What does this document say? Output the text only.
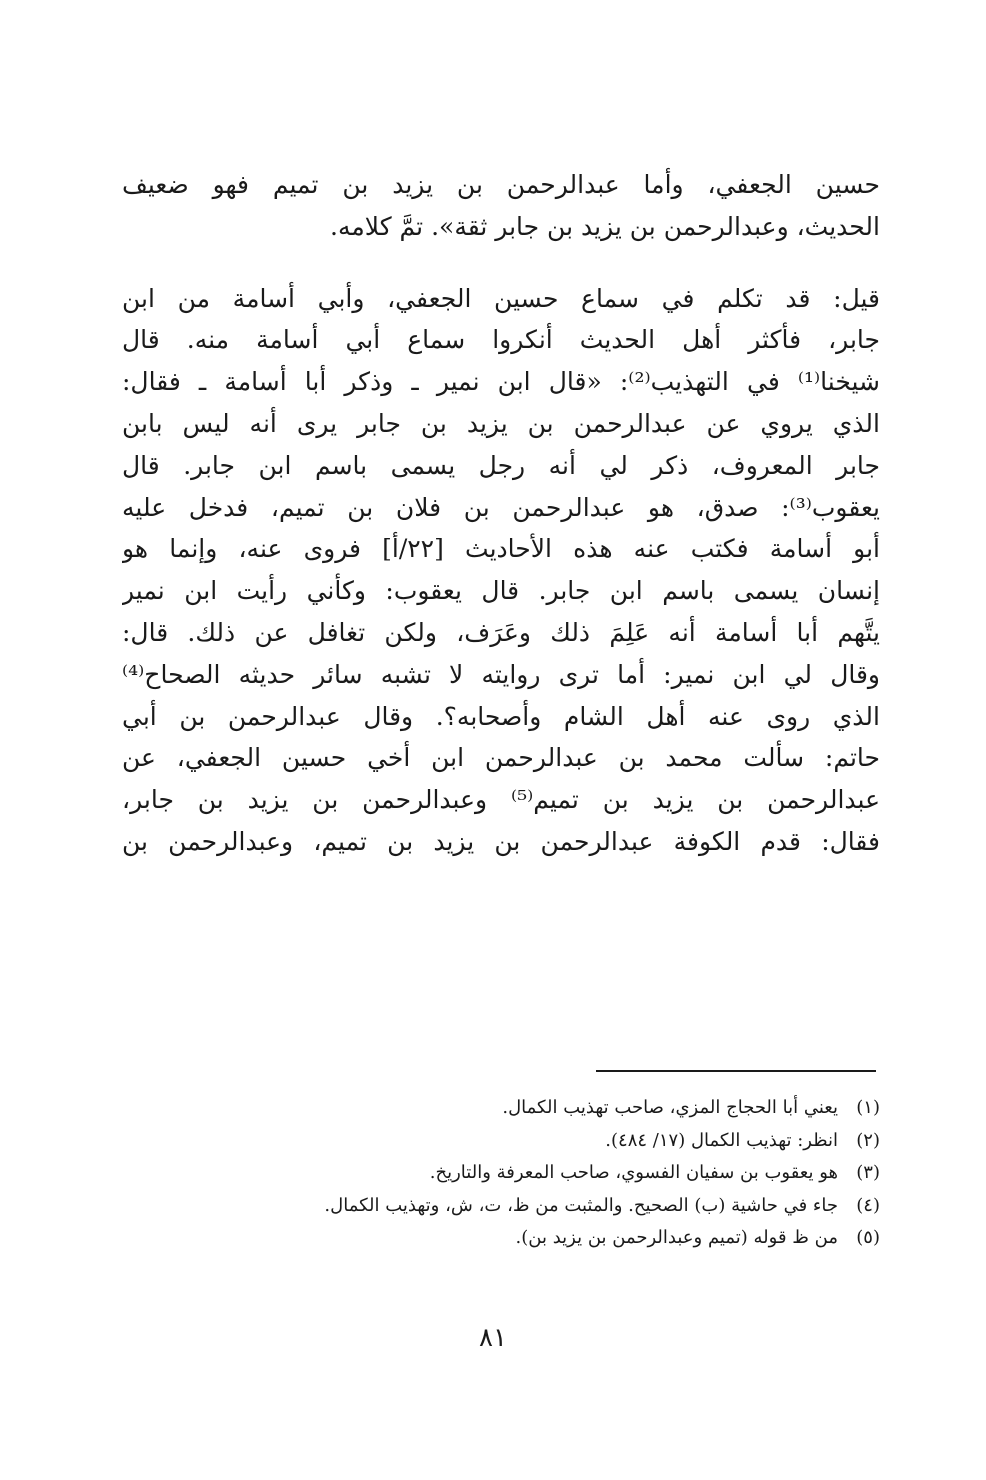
حسين الجعفي، وأما عبدالرحمن بن يزيد بن تميم فهو ضعيف
الحديث، وعبدالرحمن بن يزيد بن جابر ثقة». تمَّ كلامه.

قيل: قد تكلم في سماع حسين الجعفي، وأبي أسامة من ابن
جابر، فأكثر أهل الحديث أنكروا سماع أبي أسامة منه. قال
شيخنا⁽¹⁾ في التهذيب⁽²⁾: «قال ابن نمير ـ وذكر أبا أسامة ـ فقال:
الذي يروي عن عبدالرحمن بن يزيد بن جابر يرى أنه ليس بابن
جابر المعروف، ذكر لي أنه رجل يسمى باسم ابن جابر. قال
يعقوب⁽³⁾: صدق، هو عبدالرحمن بن فلان بن تميم، فدخل عليه
أبو أسامة فكتب عنه هذه الأحاديث [٢٢/أ] فروى عنه، وإنما هو
إنسان يسمى باسم ابن جابر. قال يعقوب: وكأني رأيت ابن نمير
يتَّهم أبا أسامة أنه عَلِمَ ذلك وعَرَف، ولكن تغافل عن ذلك. قال:
وقال لي ابن نمير: أما ترى روايته لا تشبه سائر حديثه الصحاح⁽⁴⁾
الذي روى عنه أهل الشام وأصحابه؟. وقال عبدالرحمن بن أبي
حاتم: سألت محمد بن عبدالرحمن ابن أخي حسين الجعفي، عن
عبدالرحمن بن يزيد بن تميم⁽⁵⁾ وعبدالرحمن بن يزيد بن جابر،
فقال: قدم الكوفة عبدالرحمن بن يزيد بن تميم، وعبدالرحمن بن

(١)
يعني أبا الحجاج المزي، صاحب تهذيب الكمال.
(٢)
انظر: تهذيب الكمال (١٧/ ٤٨٤).
(٣)
هو يعقوب بن سفيان الفسوي، صاحب المعرفة والتاريخ.
(٤)
جاء في حاشية (ب) الصحيح. والمثبت من ظ، ت، ش، وتهذيب الكمال.
(٥)
من ظ قوله (تميم وعبدالرحمن بن يزيد بن).
٨١
